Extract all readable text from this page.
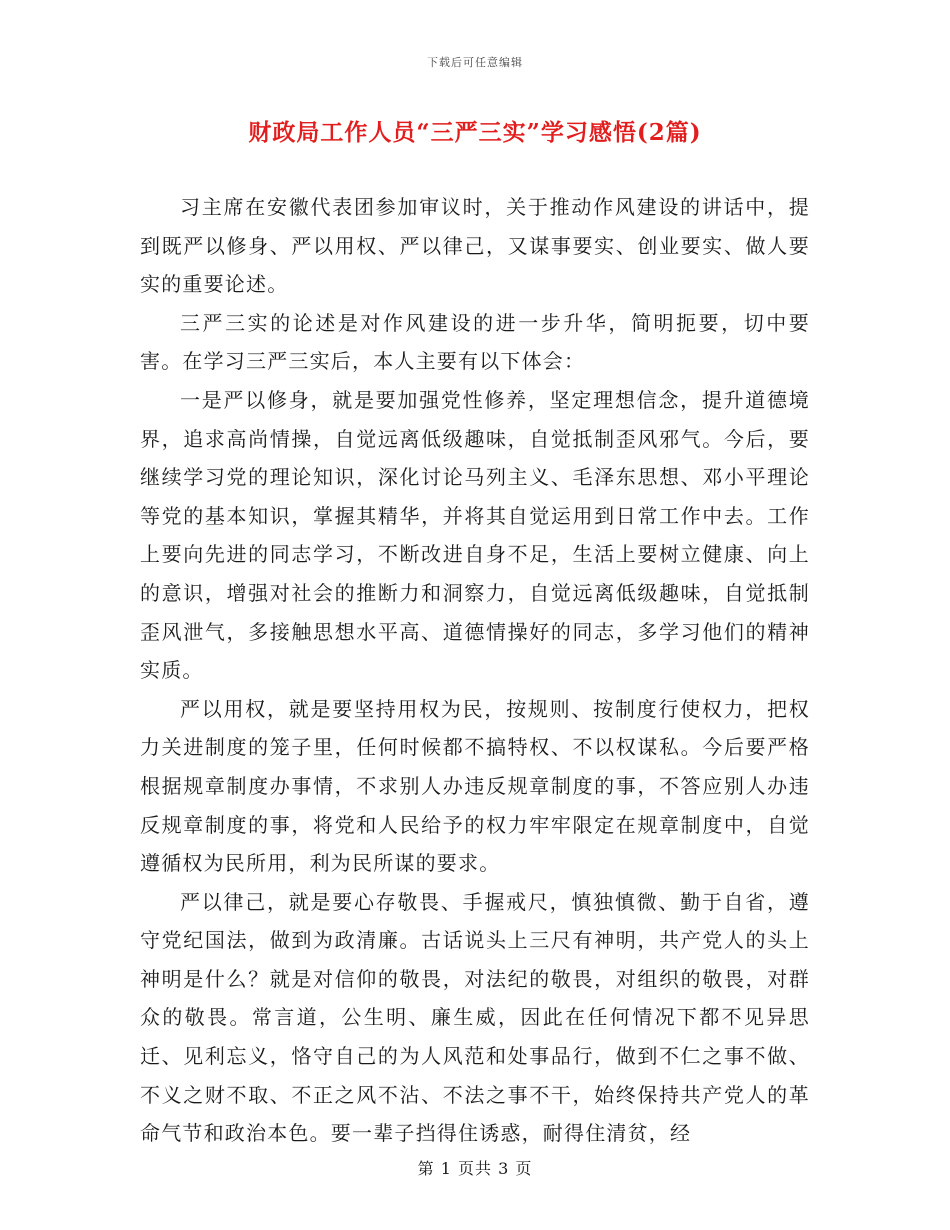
下载后可任意编辑
财政局工作人员“三严三实”学习感悟(2篇)

习主席在安徽代表团参加审议时，关于推动作风建设的讲话中，提到既严以修身、严以用权、严以律己，又谋事要实、创业要实、做人要实的重要论述。

三严三实的论述是对作风建设的进一步升华，简明扼要，切中要害。在学习三严三实后，本人主要有以下体会：

一是严以修身，就是要加强党性修养，坚定理想信念，提升道德境界，追求高尚情操，自觉远离低级趣味，自觉抵制歪风邪气。今后，要继续学习党的理论知识，深化讨论马列主义、毛泽东思想、邓小平理论等党的基本知识，掌握其精华，并将其自觉运用到日常工作中去。工作上要向先进的同志学习，不断改进自身不足，生活上要树立健康、向上的意识，增强对社会的推断力和洞察力，自觉远离低级趣味，自觉抵制歪风泄气，多接触思想水平高、道德情操好的同志，多学习他们的精神实质。

严以用权，就是要坚持用权为民，按规则、按制度行使权力，把权力关进制度的笼子里，任何时候都不搞特权、不以权谋私。今后要严格根据规章制度办事情，不求别人办违反规章制度的事，不答应别人办违反规章制度的事，将党和人民给予的权力牢牢限定在规章制度中，自觉遵循权为民所用，利为民所谋的要求。

严以律己，就是要心存敬畏、手握戒尺，慎独慎微、勤于自省，遵守党纪国法，做到为政清廉。古话说头上三尺有神明，共产党人的头上神明是什么？就是对信仰的敬畏，对法纪的敬畏，对组织的敬畏，对群众的敬畏。常言道，公生明、廉生威，因此在任何情况下都不见异思迁、见利忘义，恪守自己的为人风范和处事品行，做到不仁之事不做、不义之财不取、不正之风不沾、不法之事不干，始终保持共产党人的革命气节和政治本色。要一辈子挡得住诱惑，耐得住清贫，经

第 1 页共 3 页
